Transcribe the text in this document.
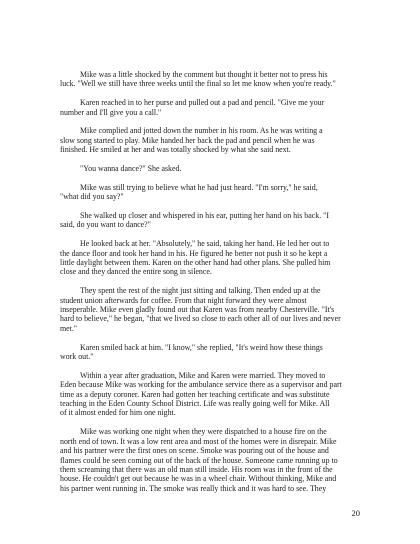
Mike was a little shocked by the comment but thought it better not to press his
luck. "Well we still have three weeks until the final so let me know when you're ready."

Karen reached in to her purse and pulled out a pad and pencil. "Give me your
number and I'll give you a call."

Mike complied and jotted down the number in his room. As he was writing a
slow song started to play. Mike handed her back the pad and pencil when he was
finished. He smiled at her and was totally shocked by what she said next.

"You wanna dance?" She asked.

Mike was still trying to believe what he had just heard. "I'm sorry," he said,
"what did you say?"

She walked up closer and whispered in his ear, putting her hand on his back. "I
said, do you want to dance?"

He looked back at her. "Absolutely," he said, taking her hand. He led her out to
the dance floor and took her hand in his. He figured he better not push it so he kept a
little daylight between them. Karen on the other hand had other plans. She pulled him
close and they danced the entire song in silence.

They spent the rest of the night just sitting and talking. Then ended up at the
student union afterwards for coffee. From that night forward they were almost
inseperable. Mike even gladly found out that Karen was from nearby Chesterville. "It's
hard to believe," he began, "that we lived so close to each other all of our lives and never
met."

Karen smiled back at him. "I know," she replied, "It's weird how these things
work out."

Within a year after graduation, Mike and Karen were married. They moved to
Eden because Mike was working for the ambulance service there as a supervisor and part
time as a deputy coroner. Karen had gotten her teaching certificate and was substitute
teaching in the Eden County School District. Life was really going well for Mike. All
of it almost ended for him one night.

Mike was working one night when they were dispatched to a house fire on the
north end of town. It was a low rent area and most of the homes were in disrepair. Mike
and his partner were the first ones on scene. Smoke was pouring out of the house and
flames could be seen coming out of the back of the house. Someone came running up to
them screaming that there was an old man still inside. His room was in the front of the
house. He couldn't get out because he was in a wheel chair. Without thinking, Mike and
his partner went running in. The smoke was really thick and it was hard to see. They

20
